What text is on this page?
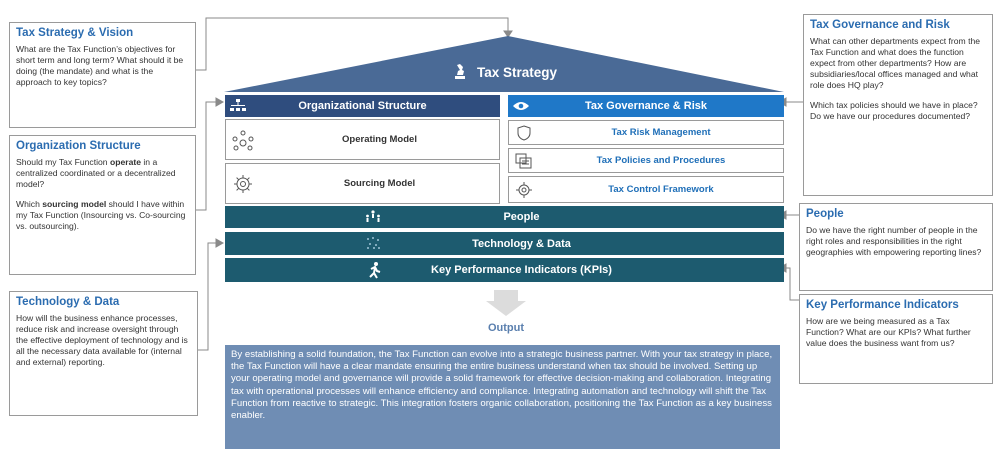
Tax Strategy
Organizational Structure
Operating Model
Sourcing Model
Tax Governance & Risk
Tax Risk Management
Tax Policies and Procedures
Tax Control Framework
People
Technology & Data
Key Performance Indicators (KPIs)
Output
By establishing a solid foundation, the Tax Function can evolve into a strategic business partner. With your tax strategy in place, the Tax Function will have a clear mandate ensuring the entire business understand when tax should be involved. Setting up your operating model and governance will provide a solid framework for effective decision-making and collaboration. Integrating tax with operational processes will enhance efficiency and compliance. Integrating automation and technology will shift the Tax Function from reactive to strategic. This integration fosters organic collaboration, positioning the Tax Function as a key business enabler.
Tax Strategy & Vision
What are the Tax Function’s objectives for short term and long term? What should it be doing (the mandate) and what is the approach to key topics?
Organization Structure

Should my Tax Function operate in a centralized coordinated or a decentralized model?

Which sourcing model should I have within my Tax Function (Insourcing vs. Co-sourcing vs. outsourcing).

Technology & Data
How will the business enhance processes, reduce risk and increase oversight through the effective deployment of technology and is all the necessary data available for (internal and external) reporting.
Tax Governance and Risk

What can other departments expect from the Tax Function and what does the function expect from other departments? How are subsidiaries/local offices managed and what role does HQ play?

Which tax policies should we have in place? Do we have our procedures documented?

People
Do we have the right number of people in the right roles and responsibilities in the right geographies with empowering reporting lines?
Key Performance Indicators
How are we being measured as a Tax Function? What are our KPIs? What further value does the business want from us?
